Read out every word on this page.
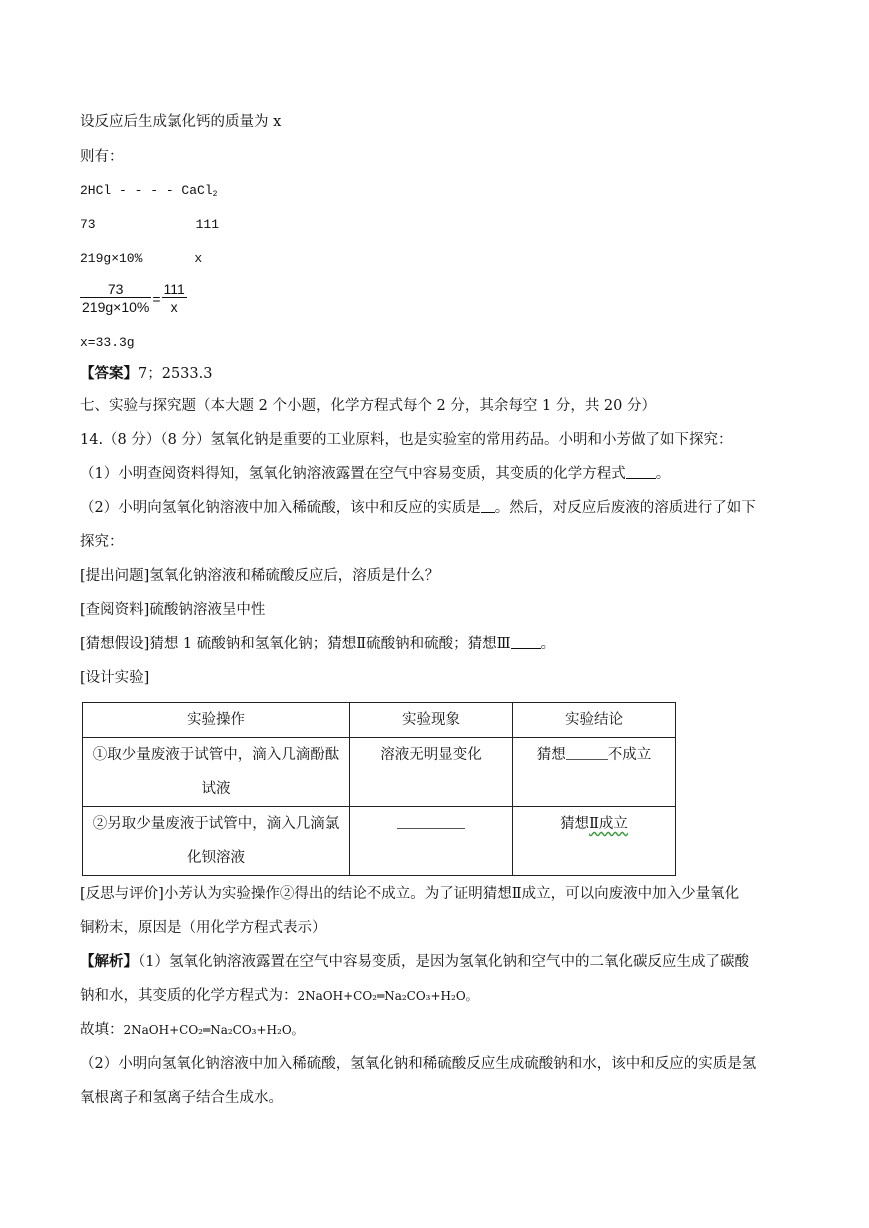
设反应后生成氯化钙的质量为 x
则有：
2HCl - - - - CaCl$_2$
73	111
219g×10%	x
$\frac{73}{219g\times 10\%} = \frac{111}{x}$
x=33.3g
【答案】7；2533.3
七、实验与探究题（本大题 2 个小题，化学方程式每个 2 分，其余每空 1 分，共 20 分）
14.（8 分）（8 分）氢氧化钠是重要的工业原料，也是实验室的常用药品。小明和小芳做了如下探究：
（1）小明查阅资料得知，氢氧化钠溶液露置在空气中容易变质，其变质的化学方程式 。
（2）小明向氢氧化钠溶液中加入稀硫酸，该中和反应的实质是 。然后，对反应后废液的溶质进行了如下
探究：
[提出问题]氢氧化钠溶液和稀硫酸反应后，溶质是什么？
[查阅资料]硫酸钠溶液呈中性
[猜想假设]猜想 1 硫酸钠和氢氧化钠；猜想Ⅱ硫酸钠和硫酸；猜想Ⅲ 。
[设计实验]
实验操作	实验现象	实验结论

①取少量废液于试管中，滴入几滴酚酞
试液	溶液无明显变化	猜想 不成立

②另取少量废液于试管中，滴入几滴氯
化钡溶液		猜想Ⅱ成立
[反思与评价]小芳认为实验操作②得出的结论不成立。为了证明猜想Ⅱ成立，可以向废液中加入少量氧化
铜粉末，原因是（用化学方程式表示）
【解析】（1）氢氧化钠溶液露置在空气中容易变质，是因为氢氧化钠和空气中的二氧化碳反应生成了碳酸
钠和水，其变质的化学方程式为：2NaOH+CO₂═Na₂CO₃+H₂O。
故填：2NaOH+CO₂═Na₂CO₃+H₂O。
（2）小明向氢氧化钠溶液中加入稀硫酸，氢氧化钠和稀硫酸反应生成硫酸钠和水，该中和反应的实质是氢
氧根离子和氢离子结合生成水。
